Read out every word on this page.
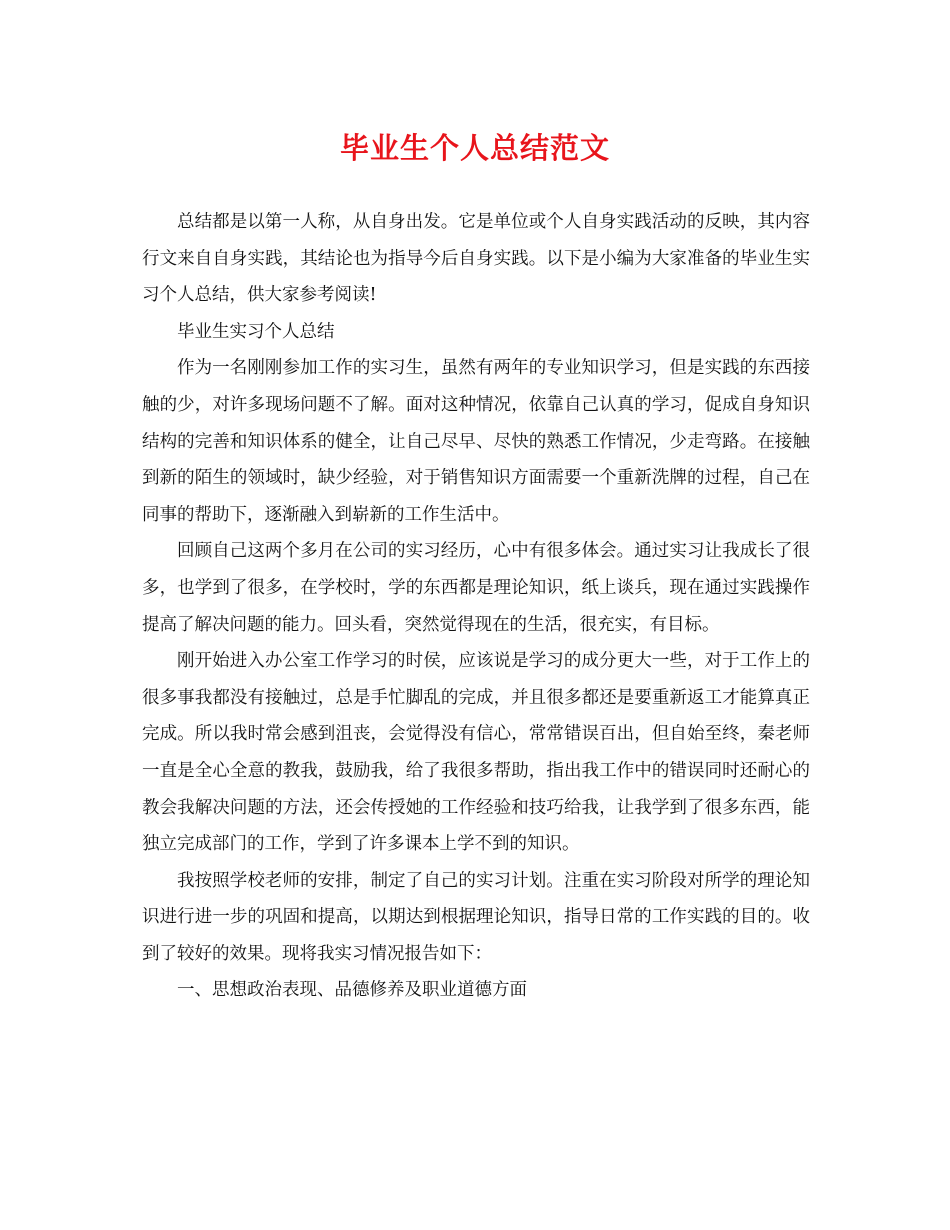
毕业生个人总结范文

总结都是以第一人称，从自身出发。它是单位或个人自身实践活动的反映，其内容行文来自自身实践，其结论也为指导今后自身实践。以下是小编为大家准备的毕业生实习个人总结，供大家参考阅读!

毕业生实习个人总结

作为一名刚刚参加工作的实习生，虽然有两年的专业知识学习，但是实践的东西接触的少，对许多现场问题不了解。面对这种情况，依靠自己认真的学习，促成自身知识结构的完善和知识体系的健全，让自己尽早、尽快的熟悉工作情况，少走弯路。在接触到新的陌生的领域时，缺少经验，对于销售知识方面需要一个重新洗牌的过程，自己在同事的帮助下，逐渐融入到崭新的工作生活中。

回顾自己这两个多月在公司的实习经历，心中有很多体会。通过实习让我成长了很多，也学到了很多，在学校时，学的东西都是理论知识，纸上谈兵，现在通过实践操作提高了解决问题的能力。回头看，突然觉得现在的生活，很充实，有目标。

刚开始进入办公室工作学习的时侯，应该说是学习的成分更大一些，对于工作上的很多事我都没有接触过，总是手忙脚乱的完成，并且很多都还是要重新返工才能算真正完成。所以我时常会感到沮丧，会觉得没有信心，常常错误百出，但自始至终，秦老师一直是全心全意的教我，鼓励我，给了我很多帮助，指出我工作中的错误同时还耐心的教会我解决问题的方法，还会传授她的工作经验和技巧给我，让我学到了很多东西，能独立完成部门的工作，学到了许多课本上学不到的知识。

我按照学校老师的安排，制定了自己的实习计划。注重在实习阶段对所学的理论知识进行进一步的巩固和提高，以期达到根据理论知识，指导日常的工作实践的目的。收到了较好的效果。现将我实习情况报告如下：

一、思想政治表现、品德修养及职业道德方面
